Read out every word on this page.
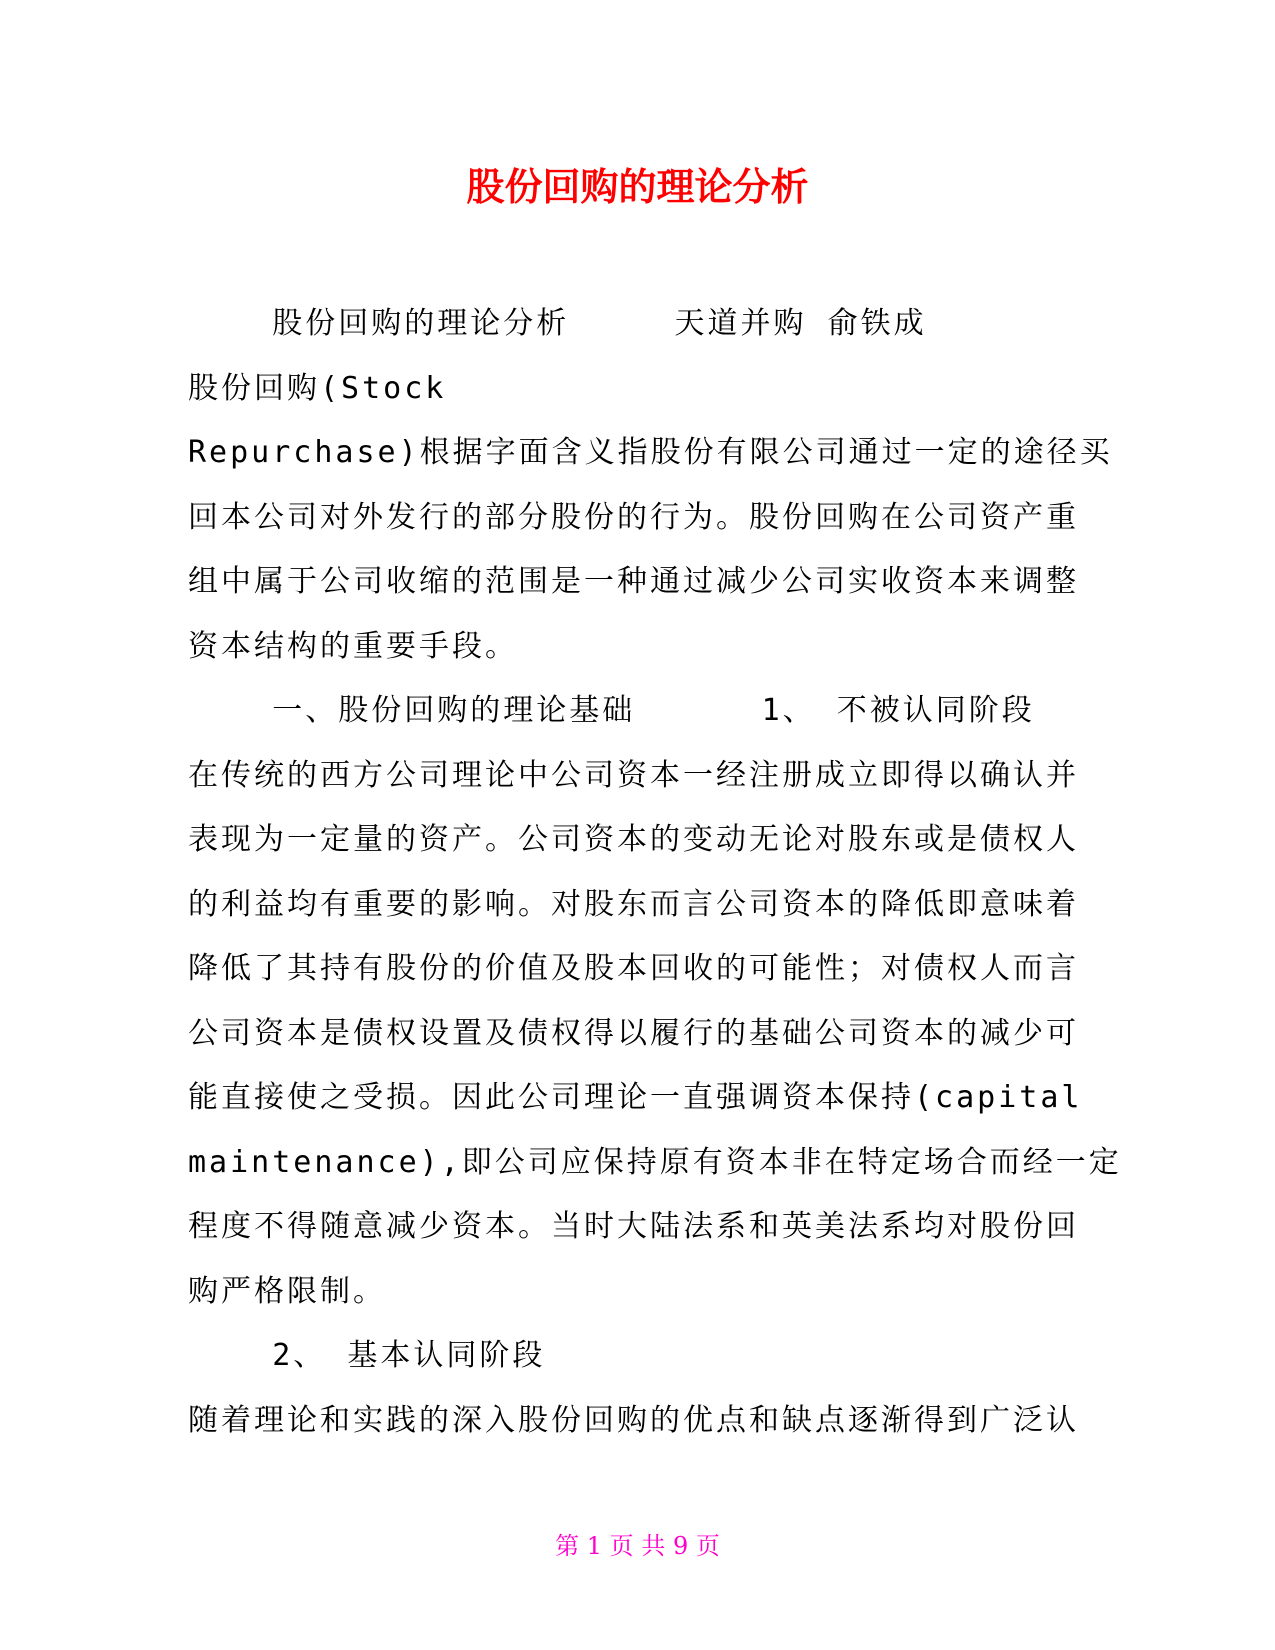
股份回购的理论分析

股份回购的理论分析     天道并购 俞铁成

股份回购(Stock

Repurchase)根据字面含义指股份有限公司通过一定的途径买

回本公司对外发行的部分股份的行为。股份回购在公司资产重

组中属于公司收缩的范围是一种通过减少公司实收资本来调整

资本结构的重要手段。

一、股份回购的理论基础      1、 不被认同阶段

在传统的西方公司理论中公司资本一经注册成立即得以确认并

表现为一定量的资产。公司资本的变动无论对股东或是债权人

的利益均有重要的影响。对股东而言公司资本的降低即意味着

降低了其持有股份的价值及股本回收的可能性；对债权人而言

公司资本是债权设置及债权得以履行的基础公司资本的减少可

能直接使之受损。因此公司理论一直强调资本保持(capital

maintenance),即公司应保持原有资本非在特定场合而经一定

程度不得随意减少资本。当时大陆法系和英美法系均对股份回

购严格限制。

2、 基本认同阶段

随着理论和实践的深入股份回购的优点和缺点逐渐得到广泛认

第 1 页 共 9 页
